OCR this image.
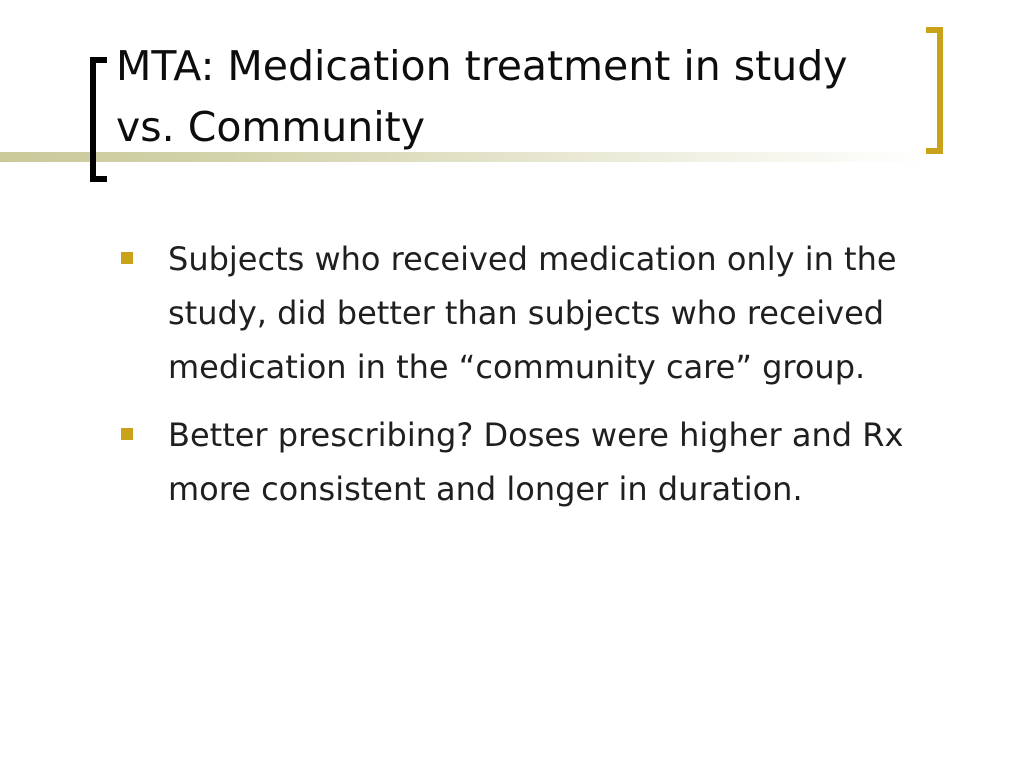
MTA: Medication treatment in study vs. Community
Subjects who received medication only in the study, did better than subjects who received medication in the “community care” group.
Better prescribing? Doses were higher and Rx more consistent and longer in duration.
